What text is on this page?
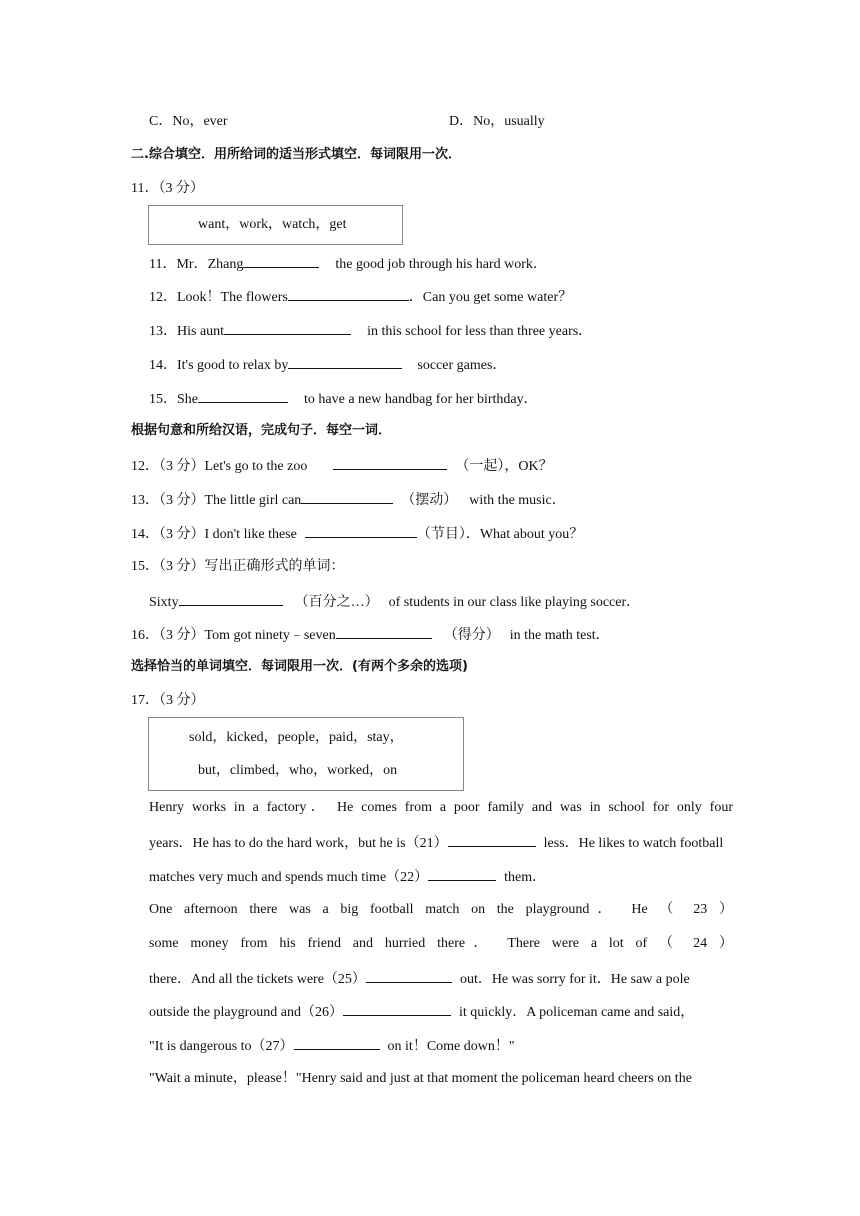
C．No，ever	D．No，usually
二.综合填空．用所给词的适当形式填空．每词限用一次．
11．（3 分）
want，work，watch，get
11．Mr．Zhang	the good job through his hard work．
12．Look！The flowers	．Can you get some water？
13．His aunt	in this school for less than three years．
14．It's good to relax by	soccer games．
15．She	to have a new handbag for her birthday．
根据句意和所给汉语，完成句子．每空一词．
12．（3 分）Let's go to the zoo	（一起），OK？
13．（3 分）The little girl can	（摆动） with the music．
14．（3 分）I don't like these	（节目）．What about you？
15．（3 分）写出正确形式的单词：
Sixty	（百分之…） of students in our class like playing soccer．
16．（3 分）Tom got ninety﹣seven	（得分） in the math test．
选择恰当的单词填空．每词限用一次．(有两个多余的选项)
17．（3 分）
sold，kicked，people，paid，stay，
but，climbed，who，worked，on
Henry works in a factory． He comes from a poor family and was in school for only four
years．He has to do the hard work，but he is（21）	less．He likes to watch football
matches very much and spends much time（22）	them．
One afternoon there was a big football match on the playground． He （ 23 ）
some money from his friend and hurried there． There were a lot of （ 24 ）
there．And all the tickets were（25）	out．He was sorry for it．He saw a pole
outside the playground and（26）	it quickly．A policeman came and said，
"It is dangerous to（27）	on it！Come down！"
"Wait a minute，please！"Henry said and just at that moment the policeman heard cheers on the
